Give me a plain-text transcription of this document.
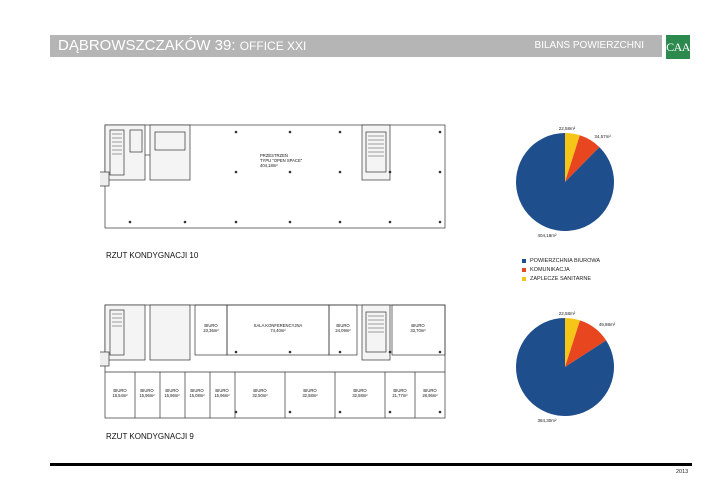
DĄBROWSZCZAKÓW 39: OFFICE XXI	BILANS POWIERZCHNI CAA
PRZESTRZEŃ
TYPU "OPEN SPACE"
404,18m²
RZUT KONDYGNACJI 10
BIURO
23,36m²
SALA KONFERENCYJNA
74,40m²
BIURO
24,09m²
BIURO
33,70m²
BIURO
18,54m²
BIURO
15,96m²
BIURO
15,96m²
BIURO
15,08m²
BIURO
15,96m²
BIURO
32,50m²
BIURO
32,58m²
BIURO
32,58m²
BIURO
21,77m²
BIURO
28,96m²
RZUT KONDYGNACJI 9
22,58m²
34,57m²
404,18m²
22,58m²
49,88m²
384,30m²
POWIERZCHNIA BIUROWA
KOMUNIKACJA
ZAPLECZE SANITARNE
2013
